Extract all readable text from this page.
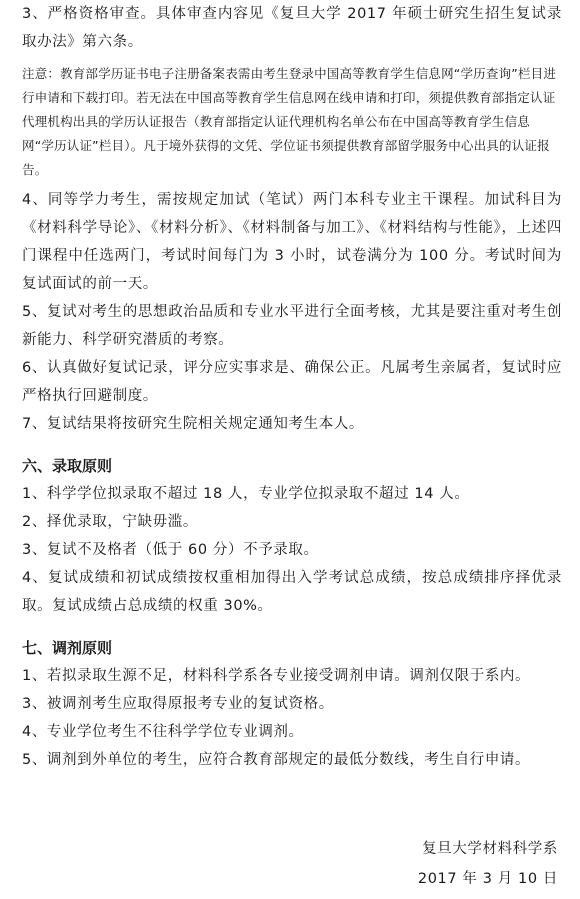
3、严格资格审查。具体审查内容见《复旦大学 2017 年硕士研究生招生复试录取办法》第六条。

注意：教育部学历证书电子注册备案表需由考生登录中国高等教育学生信息网“学历查询”栏目进行申请和下载打印。若无法在中国高等教育学生信息网在线申请和打印，须提供教育部指定认证代理机构出具的学历认证报告（教育部指定认证代理机构名单公布在中国高等教育学生信息网“学历认证”栏目）。凡于境外获得的文凭、学位证书须提供教育部留学服务中心出具的认证报告。

4、同等学力考生，需按规定加试（笔试）两门本科专业主干课程。加试科目为《材料科学导论》、《材料分析》、《材料制备与加工》、《材料结构与性能》，上述四门课程中任选两门，考试时间每门为 3 小时，试卷满分为 100 分。考试时间为复试面试的前一天。

5、复试对考生的思想政治品质和专业水平进行全面考核，尤其是要注重对考生创新能力、科学研究潜质的考察。

6、认真做好复试记录，评分应实事求是、确保公正。凡属考生亲属者，复试时应严格执行回避制度。

7、复试结果将按研究生院相关规定通知考生本人。

六、录取原则

1、科学学位拟录取不超过 18 人，专业学位拟录取不超过 14 人。

2、择优录取，宁缺毋滥。

3、复试不及格者（低于 60 分）不予录取。

4、复试成绩和初试成绩按权重相加得出入学考试总成绩，按总成绩排序择优录取。复试成绩占总成绩的权重 30%。

七、调剂原则

1、若拟录取生源不足，材料科学系各专业接受调剂申请。调剂仅限于系内。

3、被调剂考生应取得原报考专业的复试资格。

4、专业学位考生不往科学学位专业调剂。

5、调剂到外单位的考生，应符合教育部规定的最低分数线，考生自行申请。

复旦大学材料科学系
2017 年 3 月 10 日
